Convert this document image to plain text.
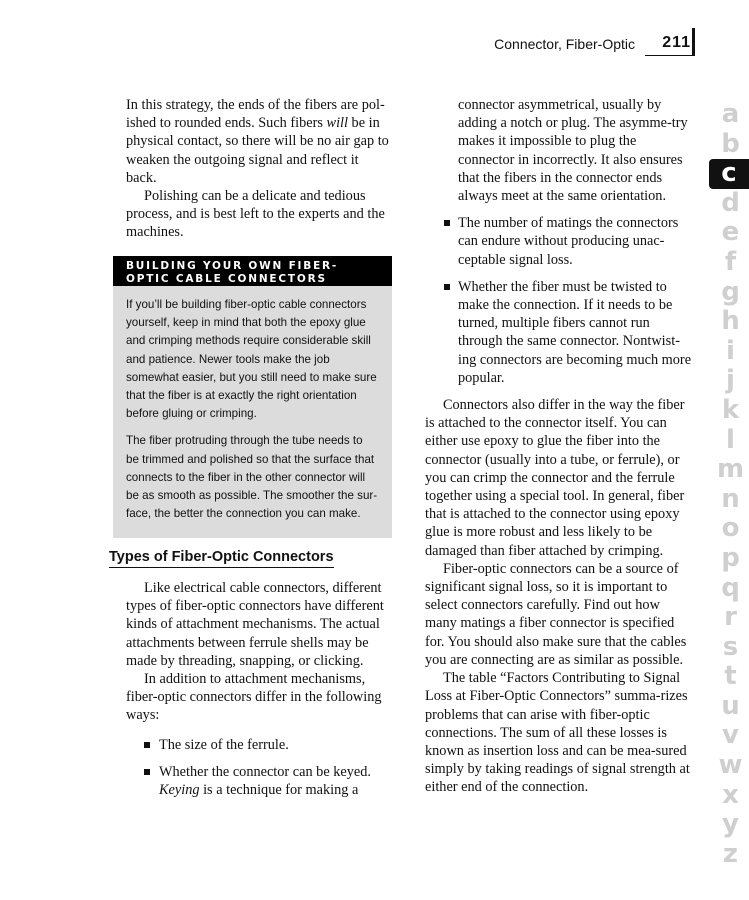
Connector, Fiber-Optic 211

In this strategy, the ends of the fibers are pol-ished to rounded ends. Such fibers will be in physical contact, so there will be no air gap to weaken the outgoing signal and reflect it back.

Polishing can be a delicate and tedious process, and is best left to the experts and the machines.

BUILDING YOUR OWN FIBER-
OPTIC CABLE CONNECTORS

If you’ll be building fiber-optic cable connectors yourself, keep in mind that both the epoxy glue and crimping methods require considerable skill and patience. Newer tools make the job somewhat easier, but you still need to make sure that the fiber is at exactly the right orientation before gluing or crimping.

The fiber protruding through the tube needs to be trimmed and polished so that the surface that connects to the fiber in the other connector will be as smooth as possible. The smoother the sur-face, the better the connection you can make.

Types of Fiber-Optic Connectors

Like electrical cable connectors, different types of fiber-optic connectors have different kinds of attachment mechanisms. The actual attachments between ferrule shells may be made by threading, snapping, or clicking.

In addition to attachment mechanisms, fiber-optic connectors differ in the following ways:

The size of the ferrule.
Whether the connector can be keyed.
Keying is a technique for making a
connector asymmetrical, usually by adding a notch or plug. The asymme-try makes it impossible to plug the connector in incorrectly. It also ensures that the fibers in the connector ends always meet at the same orientation.
The number of matings the connectors can endure without producing unac-ceptable signal loss.
Whether the fiber must be twisted to make the connection. If it needs to be turned, multiple fibers cannot run through the same connector. Nontwist-ing connectors are becoming much more popular.

Connectors also differ in the way the fiber is attached to the connector itself. You can either use epoxy to glue the fiber into the connector (usually into a tube, or ferrule), or you can crimp the connector and the ferrule together using a special tool. In general, fiber that is attached to the connector using epoxy glue is more robust and less likely to be damaged than fiber attached by crimping.

Fiber-optic connectors can be a source of significant signal loss, so it is important to select connectors carefully. Find out how many matings a fiber connector is specified for. You should also make sure that the cables you are connecting are as similar as possible.

The table “Factors Contributing to Signal Loss at Fiber-Optic Connectors” summa-rizes problems that can arise with fiber-optic connections. The sum of all these losses is known as insertion loss and can be mea-sured simply by taking readings of signal strength at either end of the connection.

a
b
c
d
e
f
g
h
i
j
k
l
m
n
o
p
q
r
s
t
u
v
w
x
y
z
